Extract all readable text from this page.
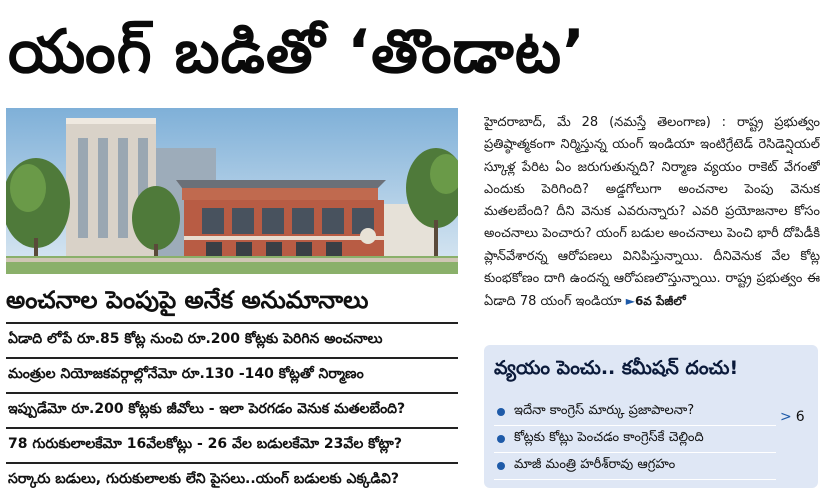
యంగ్ బడితో ‘తొండాట’
అంచనాల పెంపుపై అనేక అనుమానాలు
ఏడాది లోపే రూ.85 కోట్ల నుంచి రూ.200 కోట్లకు పెరిగిన అంచనాలు
మంత్రుల నియోజకవర్గాల్లోనేమో రూ.130 -140 కోట్లతో నిర్మాణం
ఇప్పుడేమో రూ.200 కోట్లకు జీవోలు - ఇలా పెరగడం వెనుక మతలబేంది?
78 గురుకులాలకేమో 16వేలకోట్లు - 26 వేల బడులకేమో 23వేల కోట్లా?
సర్కారు బడులు, గురుకులాలకు లేని పైసలు..యంగ్ బడులకు ఎక్కడివి?
హైదరాబాద్, మే 28 (నమస్తే తెలంగాణ) : రాష్ట్ర ప్రభుత్వం ప్రతిష్ఠాత్మకంగా నిర్మిస్తున్న యంగ్ ఇండియా ఇంటిగ్రేటెడ్ రెసిడెన్షియల్ స్కూళ్ల పేరిట ఏం జరుగుతున్నది? నిర్మాణ వ్యయం రాకెట్ వేగంతో ఎందుకు పెరిగింది? అడ్డగోలుగా అంచనాల పెంపు వెనుక మతలబేంది? దీని వెనుక ఎవరున్నారు? ఎవరి ప్రయోజనాల కోసం అంచనాలు పెంచారు? యంగ్ బడుల అంచనాలు పెంచి భారీ దోపిడీకి ప్లాన్‌వేశారన్న ఆరోపణలు వినిపిస్తున్నాయి. దీనివెనుక వేల కోట్ల కుంభకోణం దాగి ఉందన్న ఆరోపణలొస్తున్నాయి. రాష్ట్ర ప్రభుత్వం ఈ ఏడాది 78 యంగ్ ఇండియా ►6వ పేజీలో
వ్యయం పెంచు.. కమీషన్ దంచు!
ఇదేనా కాంగ్రెస్ మార్కు ప్రజాపాలనా?
కోట్లకు కోట్లు పెంచడం కాంగ్రెస్‌కే చెల్లింది
మాజీ మంత్రి హరీశ్‌రావు ఆగ్రహం
> 6
